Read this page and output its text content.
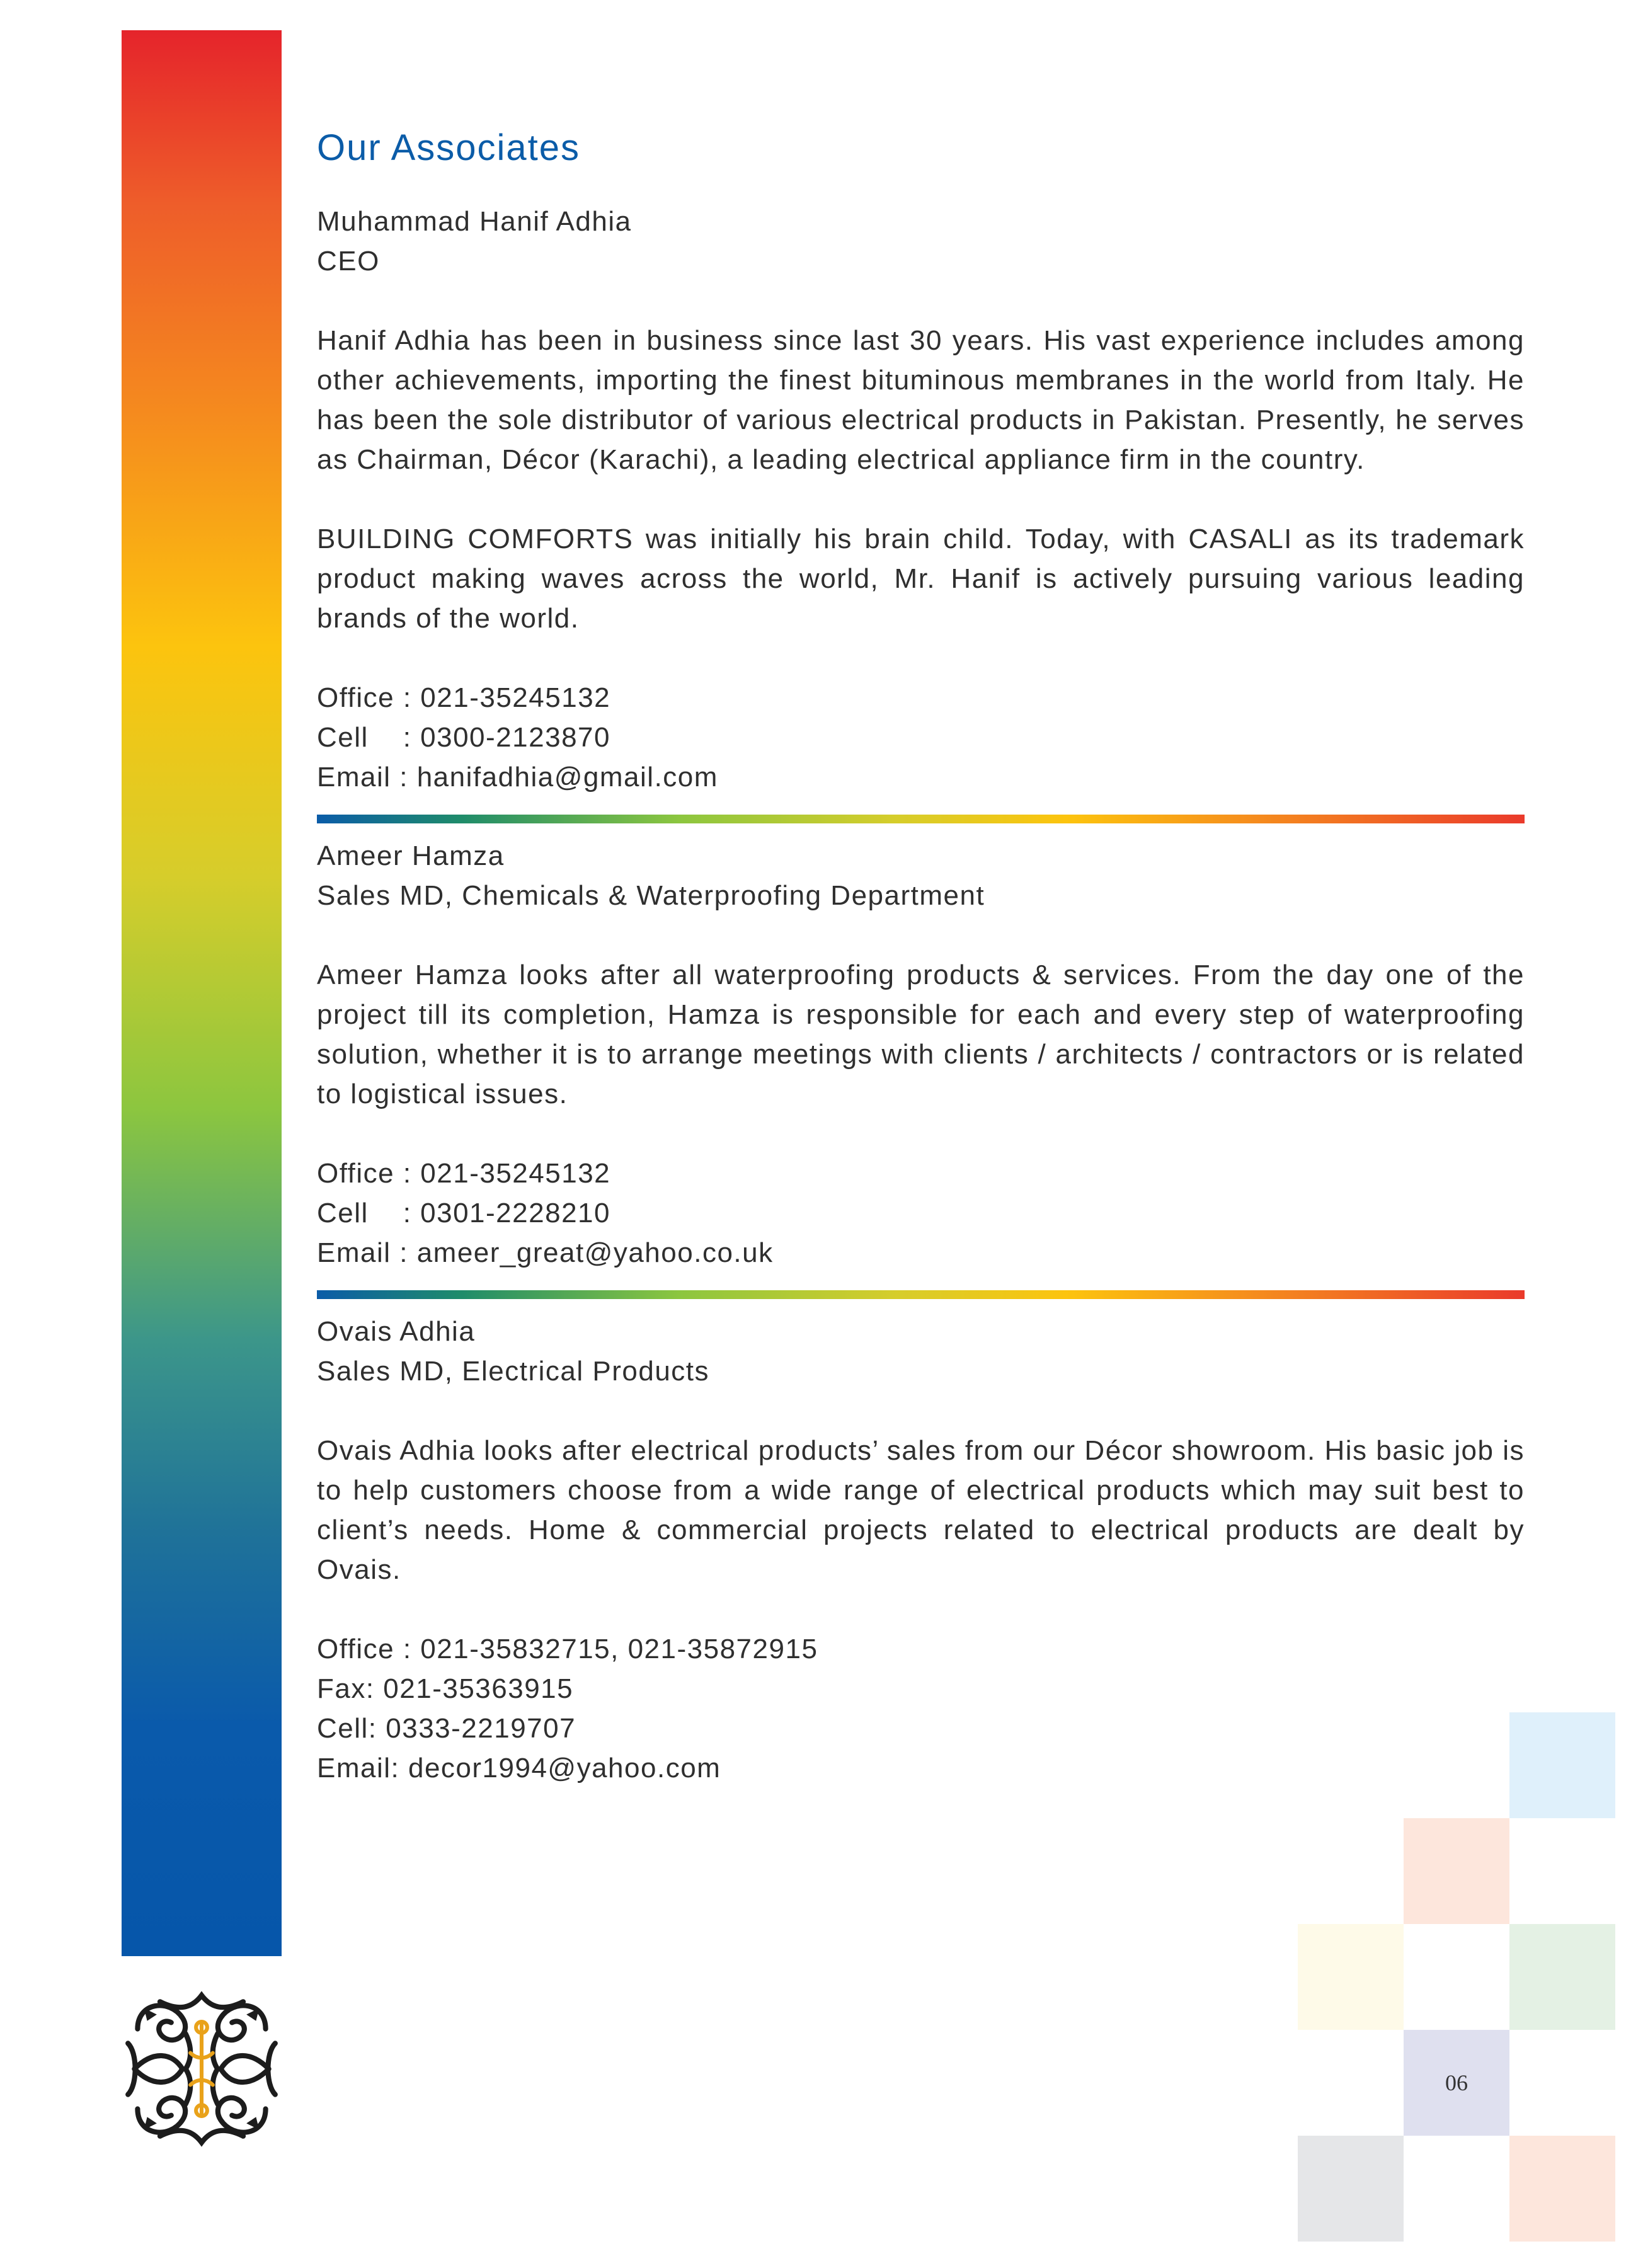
Our Associates

Muhammad Hanif Adhia

CEO

Hanif Adhia has been in business since last 30 years. His vast experience includes among other achievements, importing the finest bituminous membranes in the world from Italy. He has been the sole distributor of various electrical products in Pakistan. Presently, he serves as Chairman, Décor (Karachi), a leading electrical appliance firm in the country.

BUILDING COMFORTS was initially his brain child. Today, with CASALI as its trademark product making waves across the world, Mr. Hanif is actively pursuing various leading brands of the world.

Office : 021-35245132

Cell    : 0300-2123870

Email : hanifadhia@gmail.com

Ameer Hamza

Sales MD, Chemicals & Waterproofing Department

Ameer Hamza looks after all waterproofing products & services. From the day one of the project till its completion, Hamza is responsible for each and every step of waterproofing solution, whether it is to arrange meetings with clients / architects / contractors or is related to logistical issues.

Office : 021-35245132

Cell    : 0301-2228210

Email : ameer_great@yahoo.co.uk

Ovais Adhia

Sales MD, Electrical Products

Ovais Adhia looks after electrical products’ sales from our Décor showroom. His basic job is to help customers choose from a wide range of electrical products which may suit best to client’s needs. Home & commercial projects related to electrical products are dealt by Ovais.

Office : 021-35832715, 021-35872915

Fax: 021-35363915

Cell: 0333-2219707

Email: decor1994@yahoo.com

06
